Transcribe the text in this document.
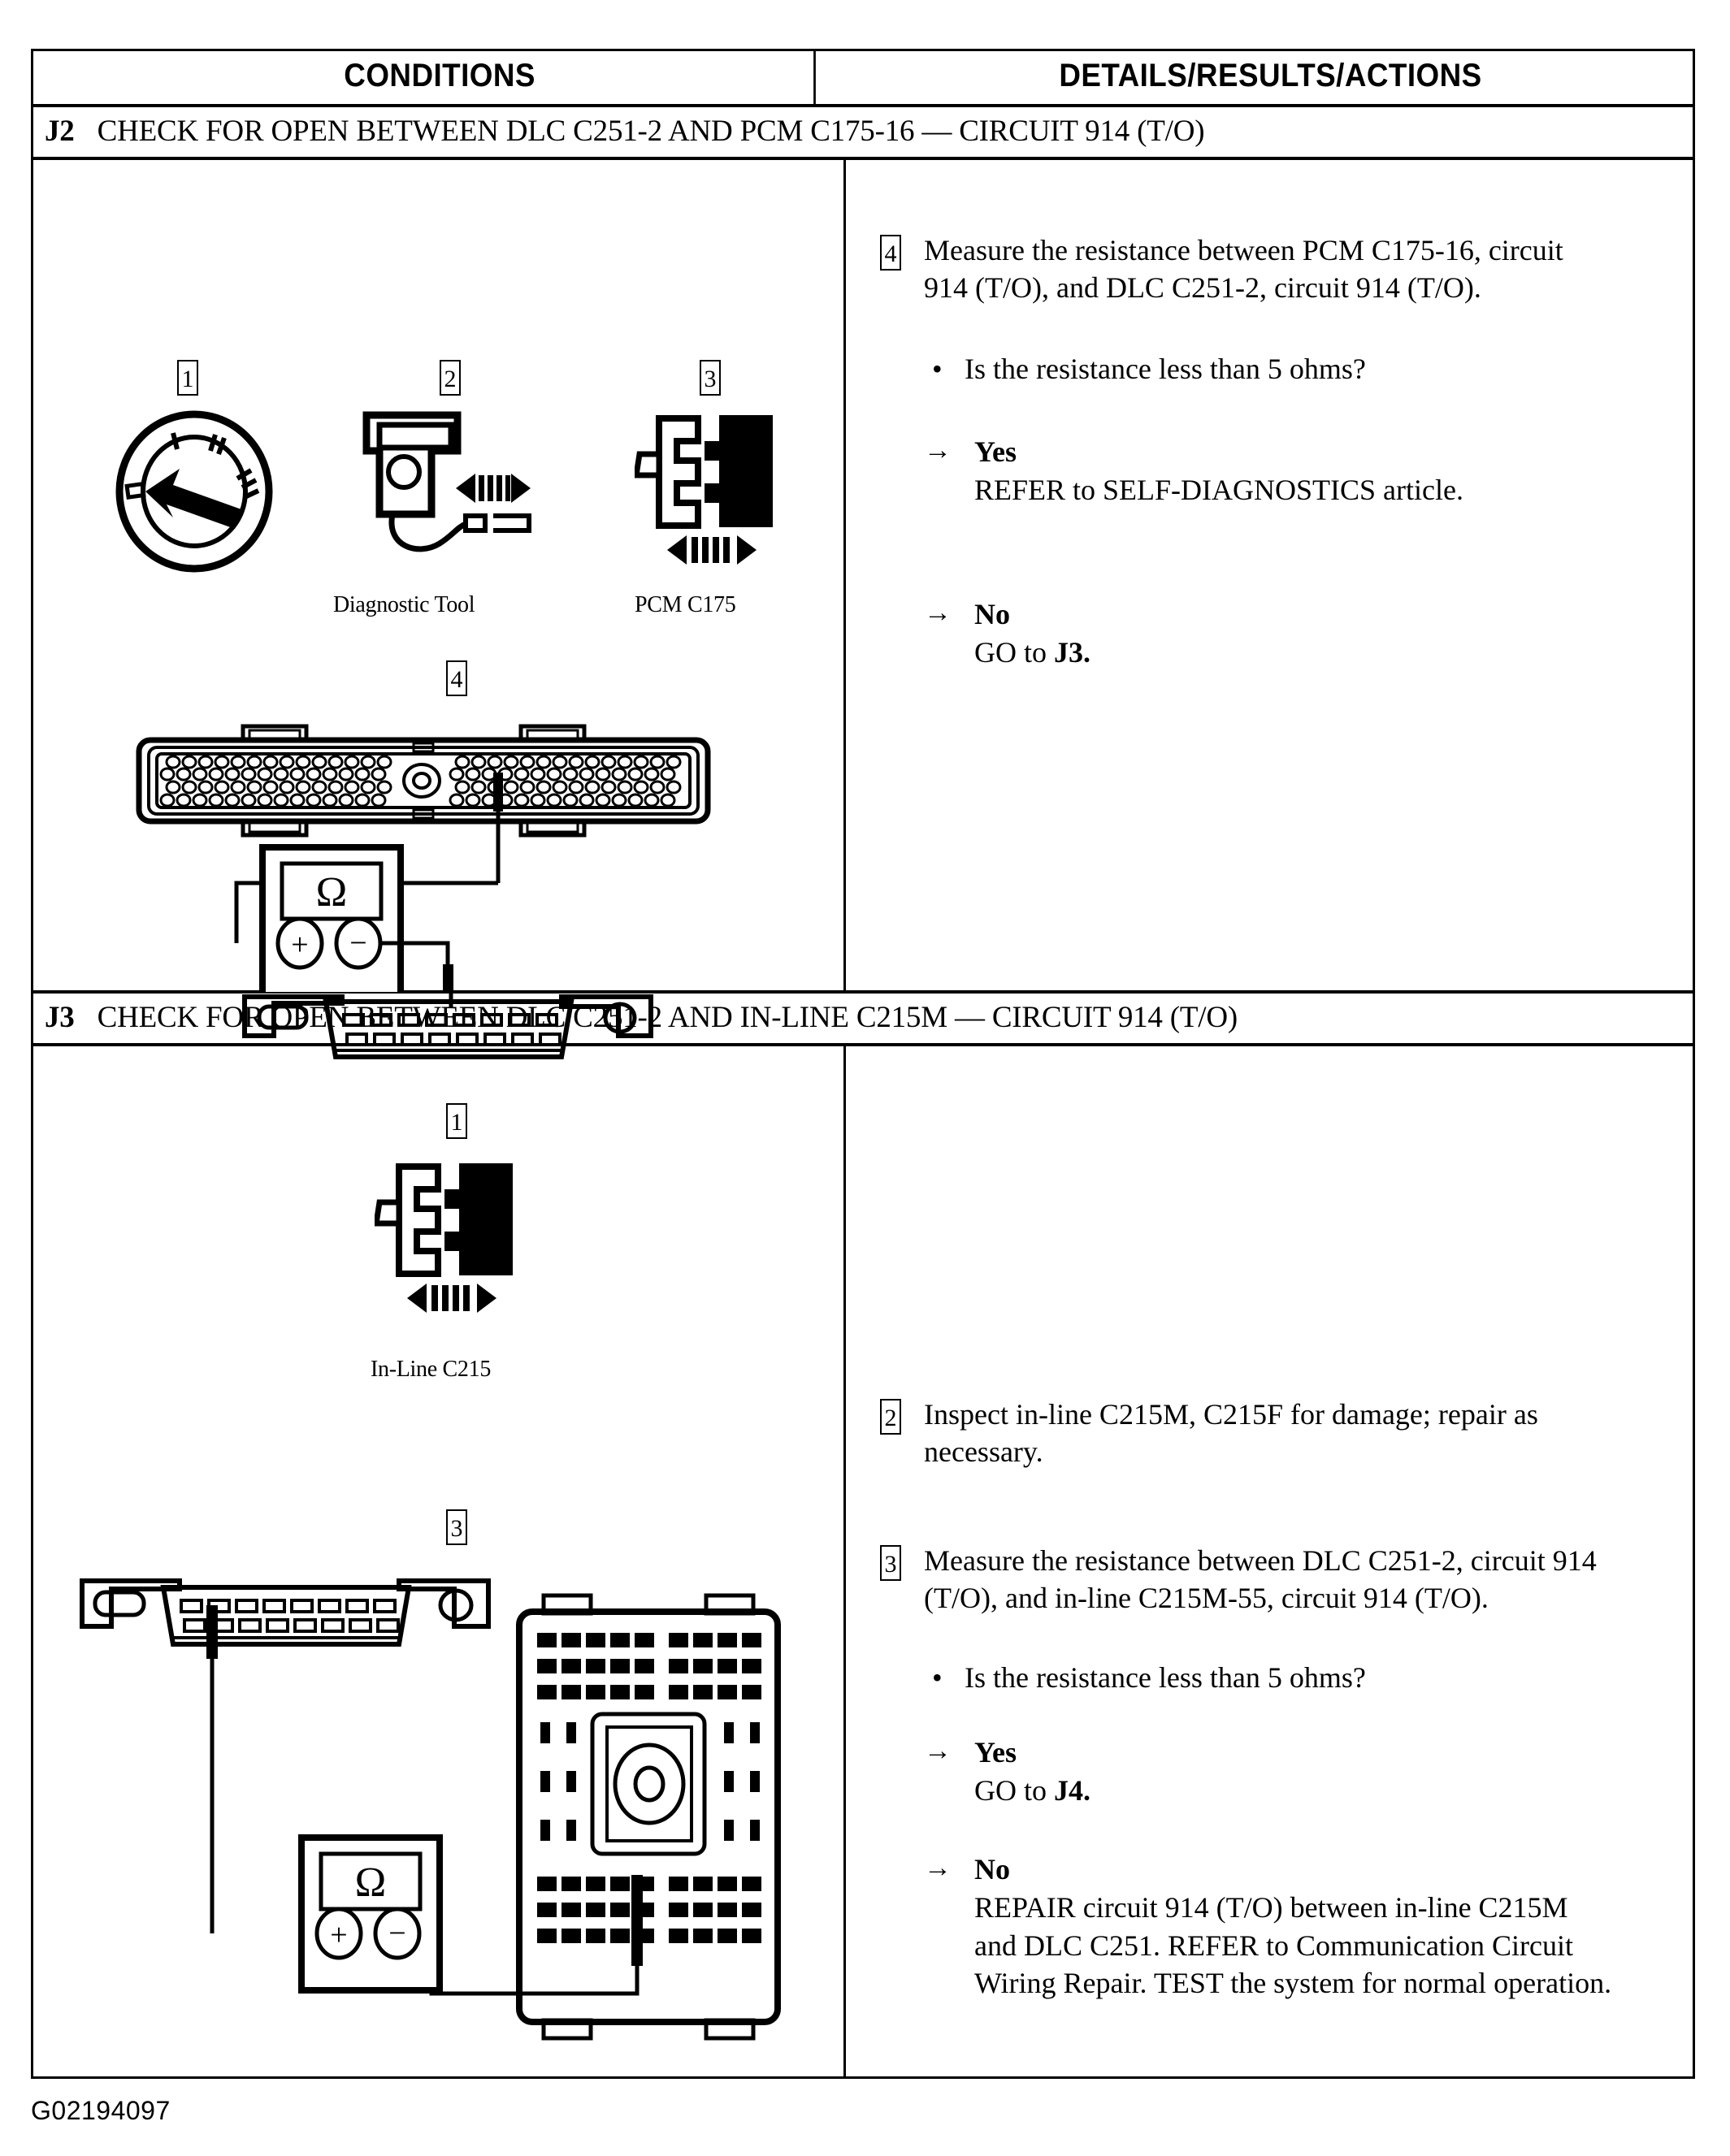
CONDITIONS	DETAILS/RESULTS/ACTIONS
J2 CHECK FOR OPEN BETWEEN DLC C251-2 AND PCM C175-16 — CIRCUIT 914 (T/O)
1	2	3
Diagnostic Tool	PCM C175
4
Ω
+ −
4 Measure the resistance between PCM C175-16, circuit 914 (T/O), and DLC C251-2, circuit 914 (T/O).
• Is the resistance less than 5 ohms?
→ Yes
REFER to SELF-DIAGNOSTICS article.
→ No
GO to J3.
J3 CHECK FOR OPEN BETWEEN DLC C251-2 AND IN-LINE C215M — CIRCUIT 914 (T/O)
1
In-Line C215
3
Ω
+ −
2 Inspect in-line C215M, C215F for damage; repair as necessary.
3 Measure the resistance between DLC C251-2, circuit 914 (T/O), and in-line C215M-55, circuit 914 (T/O).
• Is the resistance less than 5 ohms?
→ Yes
GO to J4.
→ No
REPAIR circuit 914 (T/O) between in-line C215M and DLC C251. REFER to Communication Circuit Wiring Repair. TEST the system for normal operation.
G02194097
